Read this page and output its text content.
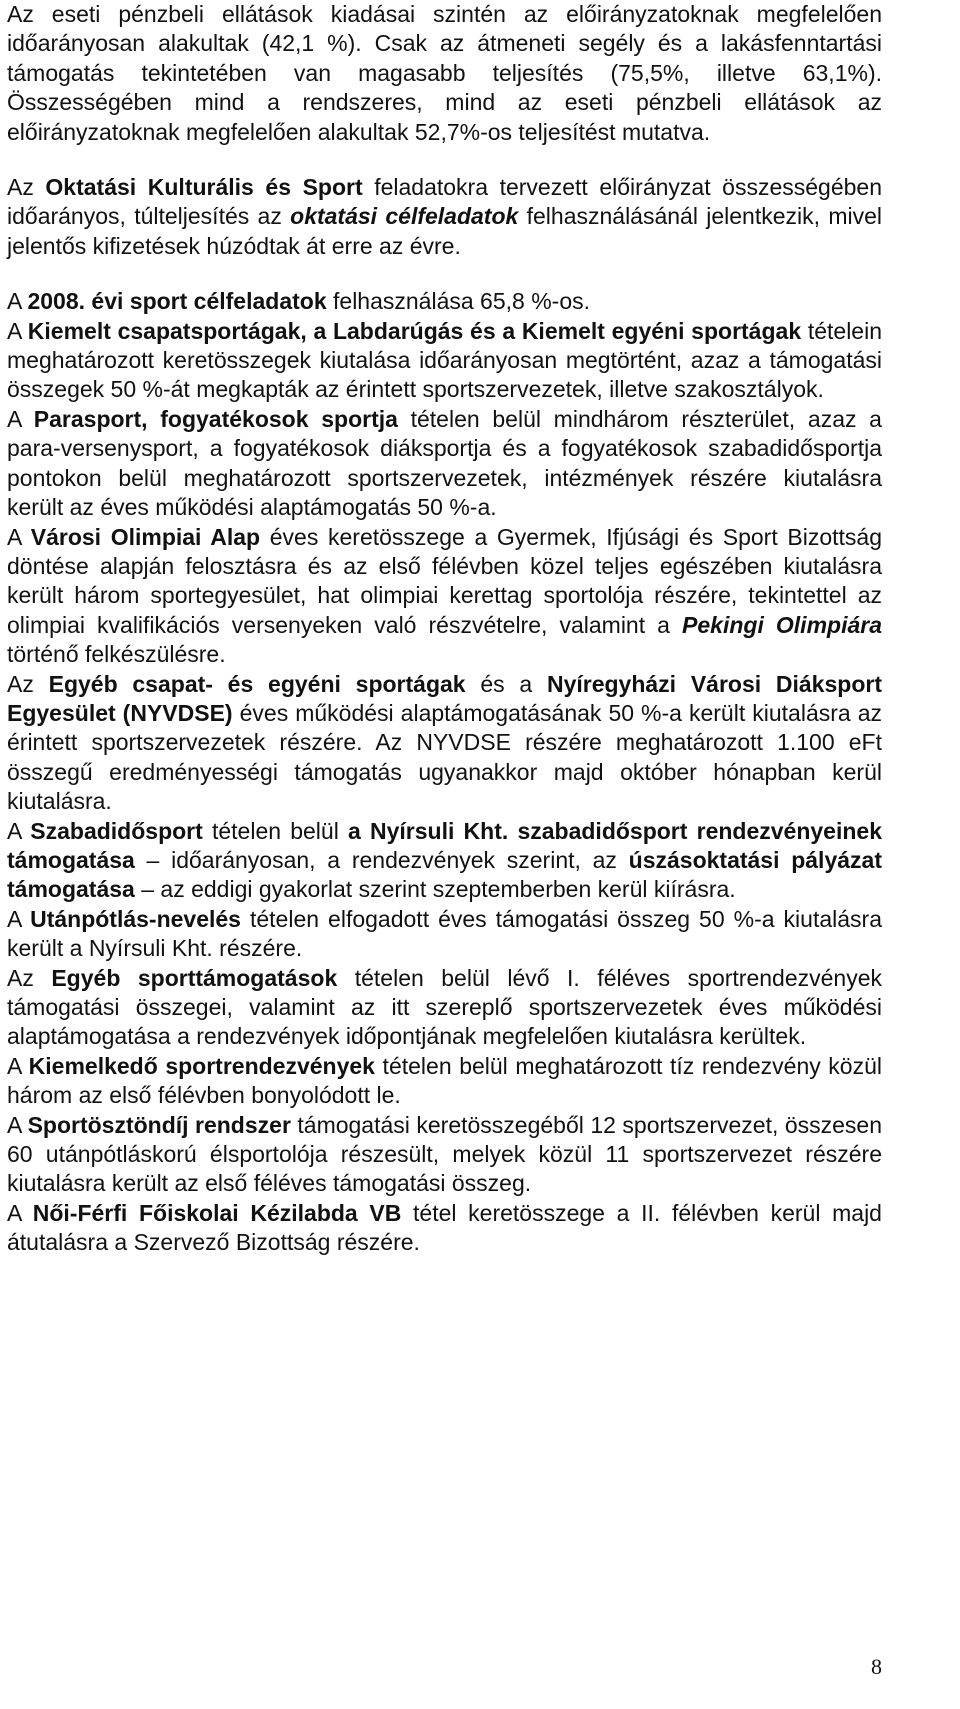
Az eseti pénzbeli ellátások kiadásai szintén az előirányzatoknak megfelelően időarányosan alakultak (42,1 %). Csak az átmeneti segély és a lakásfenntartási támogatás tekintetében van magasabb teljesítés (75,5%, illetve 63,1%). Összességében mind a rendszeres, mind az eseti pénzbeli ellátások az előirányzatoknak megfelelően alakultak 52,7%-os teljesítést mutatva.

Az Oktatási Kulturális és Sport feladatokra tervezett előirányzat összességében időarányos, túlteljesítés az oktatási célfeladatok felhasználásánál jelentkezik, mivel jelentős kifizetések húzódtak át erre az évre.

A 2008. évi sport célfeladatok felhasználása 65,8 %-os.

A Kiemelt csapatsportágak, a Labdarúgás és a Kiemelt egyéni sportágak tételein meghatározott keretösszegek kiutalása időarányosan megtörtént, azaz a támogatási összegek 50 %-át megkapták az érintett sportszervezetek, illetve szakosztályok.

A Parasport, fogyatékosok sportja tételen belül mindhárom részterület, azaz a para-versenysport, a fogyatékosok diáksportja és a fogyatékosok szabadidősportja pontokon belül meghatározott sportszervezetek, intézmények részére kiutalásra került az éves működési alaptámogatás 50 %-a.

A Városi Olimpiai Alap éves keretösszege a Gyermek, Ifjúsági és Sport Bizottság döntése alapján felosztásra és az első félévben közel teljes egészében kiutalásra került három sportegyesület, hat olimpiai kerettag sportolója részére, tekintettel az olimpiai kvalifikációs versenyeken való részvételre, valamint a Pekingi Olimpiára történő felkészülésre.

Az Egyéb csapat- és egyéni sportágak és a Nyíregyházi Városi Diáksport Egyesület (NYVDSE) éves működési alaptámogatásának 50 %-a került kiutalásra az érintett sportszervezetek részére. Az NYVDSE részére meghatározott 1.100 eFt összegű eredményességi támogatás ugyanakkor majd október hónapban kerül kiutalásra.

A Szabadidősport tételen belül a Nyírsuli Kht. szabadidősport rendezvényeinek támogatása – időarányosan, a rendezvények szerint, az úszásoktatási pályázat támogatása – az eddigi gyakorlat szerint szeptemberben kerül kiírásra.

A Utánpótlás-nevelés tételen elfogadott éves támogatási összeg 50 %-a kiutalásra került a Nyírsuli Kht. részére.

Az Egyéb sporttámogatások tételen belül lévő I. féléves sportrendezvények támogatási összegei, valamint az itt szereplő sportszervezetek éves működési alaptámogatása a rendezvények időpontjának megfelelően kiutalásra kerültek.

A Kiemelkedő sportrendezvények tételen belül meghatározott tíz rendezvény közül három az első félévben bonyolódott le.

A Sportösztöndíj rendszer támogatási keretösszegéből 12 sportszervezet, összesen 60 utánpótláskorú élsportolója részesült, melyek közül 11 sportszervezet részére kiutalásra került az első féléves támogatási összeg.

A Női-Férfi Főiskolai Kézilabda VB tétel keretösszege a II. félévben kerül majd átutalásra a Szervező Bizottság részére.

8
